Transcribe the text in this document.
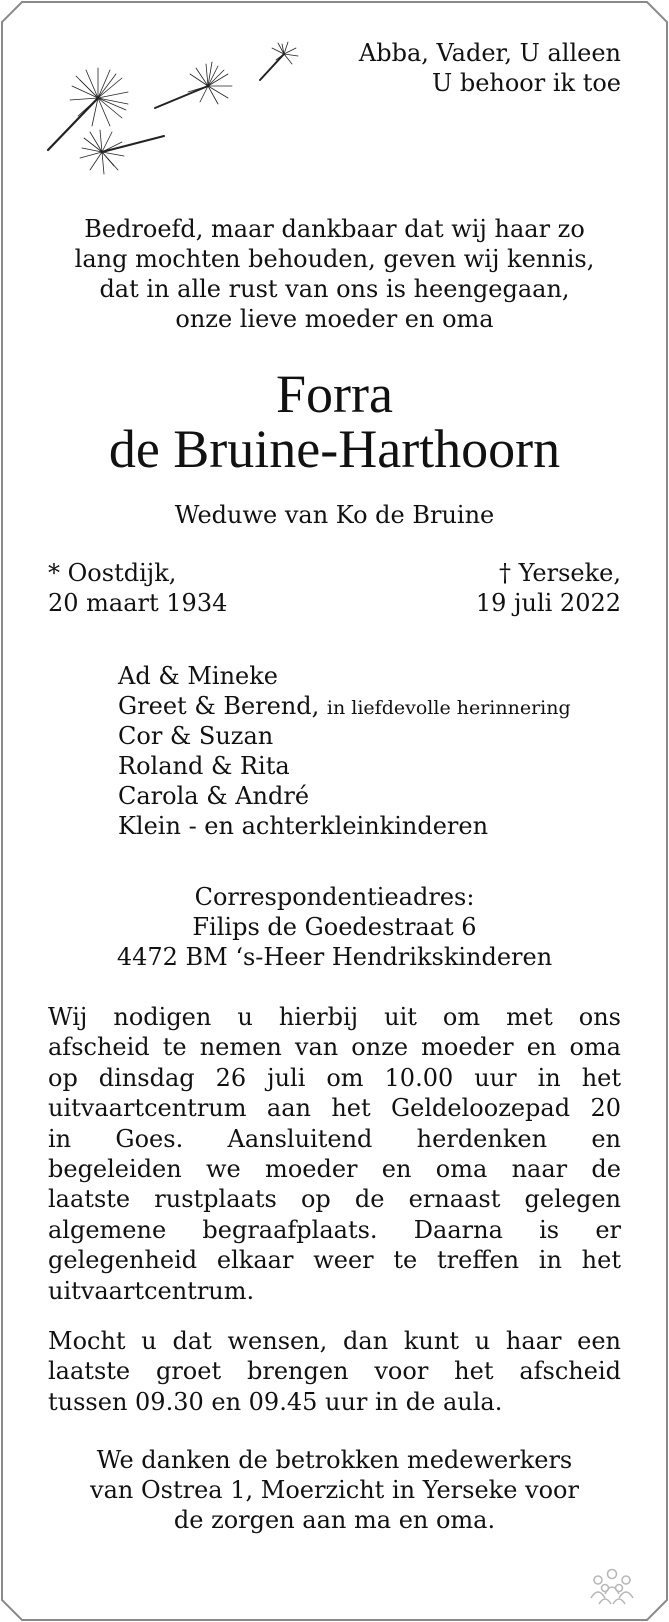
Abba, Vader, U alleen

U behoor ik toe

Bedroefd, maar dankbaar dat wij haar zo

lang mochten behouden, geven wij kennis,

dat in alle rust van ons is heengegaan,

onze lieve moeder en oma

Forra

de Bruine-Harthoorn

Weduwe van Ko de Bruine

* Oostdijk,

20 maart 1934

† Yerseke,

19 juli 2022

Ad & Mineke

Greet & Berend, in liefdevolle herinnering

Cor & Suzan

Roland & Rita

Carola & André

Klein - en achterkleinkinderen

Correspondentieadres:

Filips de Goedestraat 6

4472 BM ‘s-Heer Hendrikskinderen

Wij nodigen u hierbij uit om met ons
afscheid te nemen van onze moeder en oma
op dinsdag 26 juli om 10.00 uur in het
uitvaartcentrum aan het Geldeloozepad 20
in Goes. Aansluitend herdenken en
begeleiden we moeder en oma naar de
laatste rustplaats op de ernaast gelegen
algemene begraafplaats. Daarna is er
gelegenheid elkaar weer te treffen in het
uitvaartcentrum.
Mocht u dat wensen, dan kunt u haar een
laatste groet brengen voor het afscheid
tussen 09.30 en 09.45 uur in de aula.

We danken de betrokken medewerkers

van Ostrea 1, Moerzicht in Yerseke voor

de zorgen aan ma en oma.
